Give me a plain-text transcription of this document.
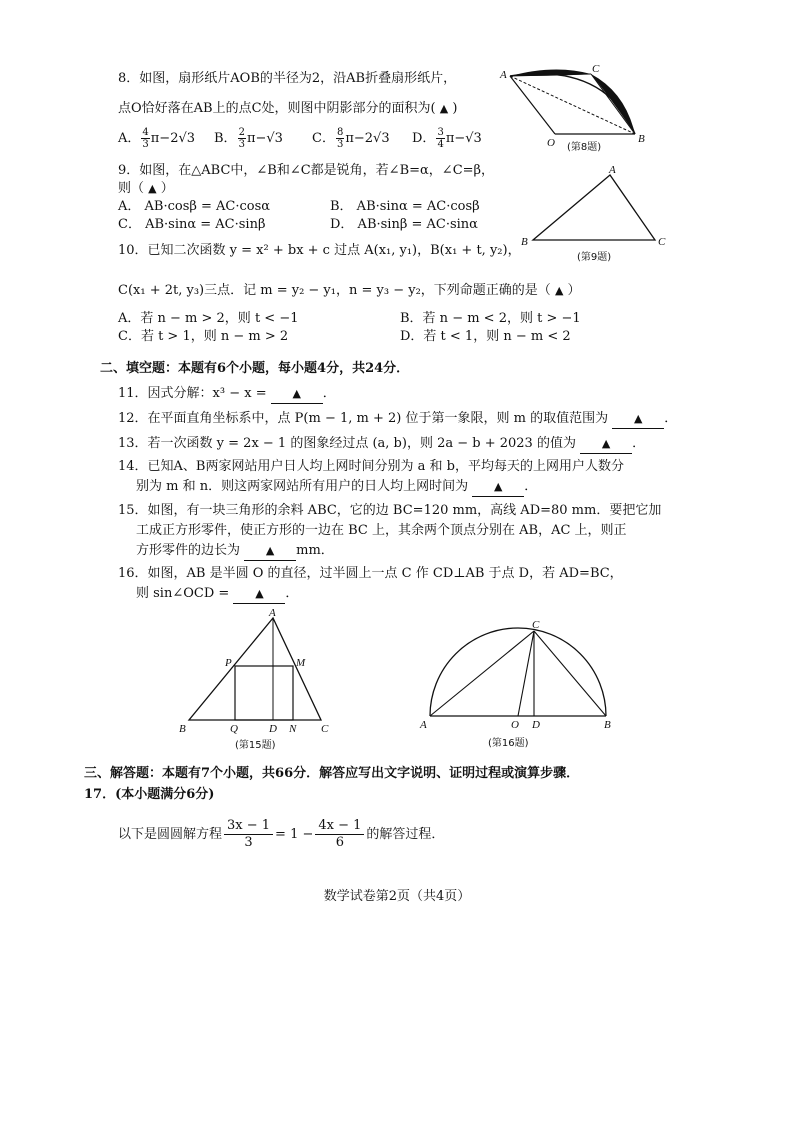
8．如图，扇形纸片AOB的半径为2，沿AB折叠扇形纸片，
点O恰好落在AB上的点C处，则图中阴影部分的面积为( ▲ )
A． $\frac{4}{3} \pi-2√3$ B． $\frac{2}{3} \pi-√3$ C． $\frac{8}{3} \pi-2√3$ D． $\frac{3}{4} \pi-√3$
A	C
O	B
(第8题)
9．如图，在△ABC中，∠B和∠C都是锐角，若∠B=α，∠C=β，
则（ ▲ ）
A． AB·cosβ = AC·cosα	B． AB·sinα = AC·cosβ
C． AB·sinα = AC·sinβ	D． AB·sinβ = AC·sinα
A
B	C
(第9题)
10．已知二次函数 y = x² + bx + c 过点 A(x₁, y₁)，B(x₁ + t, y₂)，
C(x₁ + 2t, y₃)三点．记 m = y₂ − y₁，n = y₃ − y₂，下列命题正确的是（ ▲ ）
A．若 n − m > 2，则 t < −1	B．若 n − m < 2，则 t > −1
C．若 t > 1，则 n − m > 2	D．若 t < 1，则 n − m < 2
二、填空题：本题有6个小题，每小题4分，共24分．
11．因式分解：x³ − x = ▲ ．
12．在平面直角坐标系中，点 P(m − 1, m + 2) 位于第一象限，则 m 的取值范围为 ▲ ．
13．若一次函数 y = 2x − 1 的图象经过点 (a, b)，则 2a − b + 2023 的值为 ▲ ．
14．已知A、B两家网站用户日人均上网时间分别为 a 和 b，平均每天的上网用户人数分
别为 m 和 n．则这两家网站所有用户的日人均上网时间为 ▲ ．
15．如图，有一块三角形的余料 ABC，它的边 BC=120 mm，高线 AD=80 mm．要把它加
工成正方形零件，使正方形的一边在 BC 上，其余两个顶点分别在 AB，AC 上，则正
方形零件的边长为 ▲ mm．
16．如图，AB 是半圆 O 的直径，过半圆上一点 C 作 CD⊥AB 于点 D，若 AD=BC，
则 sin∠OCD = ▲ ．
A
P	M
B	Q	D N C
(第15题)
C
A	O D	B
(第16题)
三、解答题：本题有7个小题，共66分．解答应写出文字说明、证明过程或演算步骤．
17．(本小题满分6分)
以下是圆圆解方程 $\frac{3x - 1}{3} = 1 - \frac{4x - 1}{6}$ 的解答过程．
数学试卷第2页（共4页）
